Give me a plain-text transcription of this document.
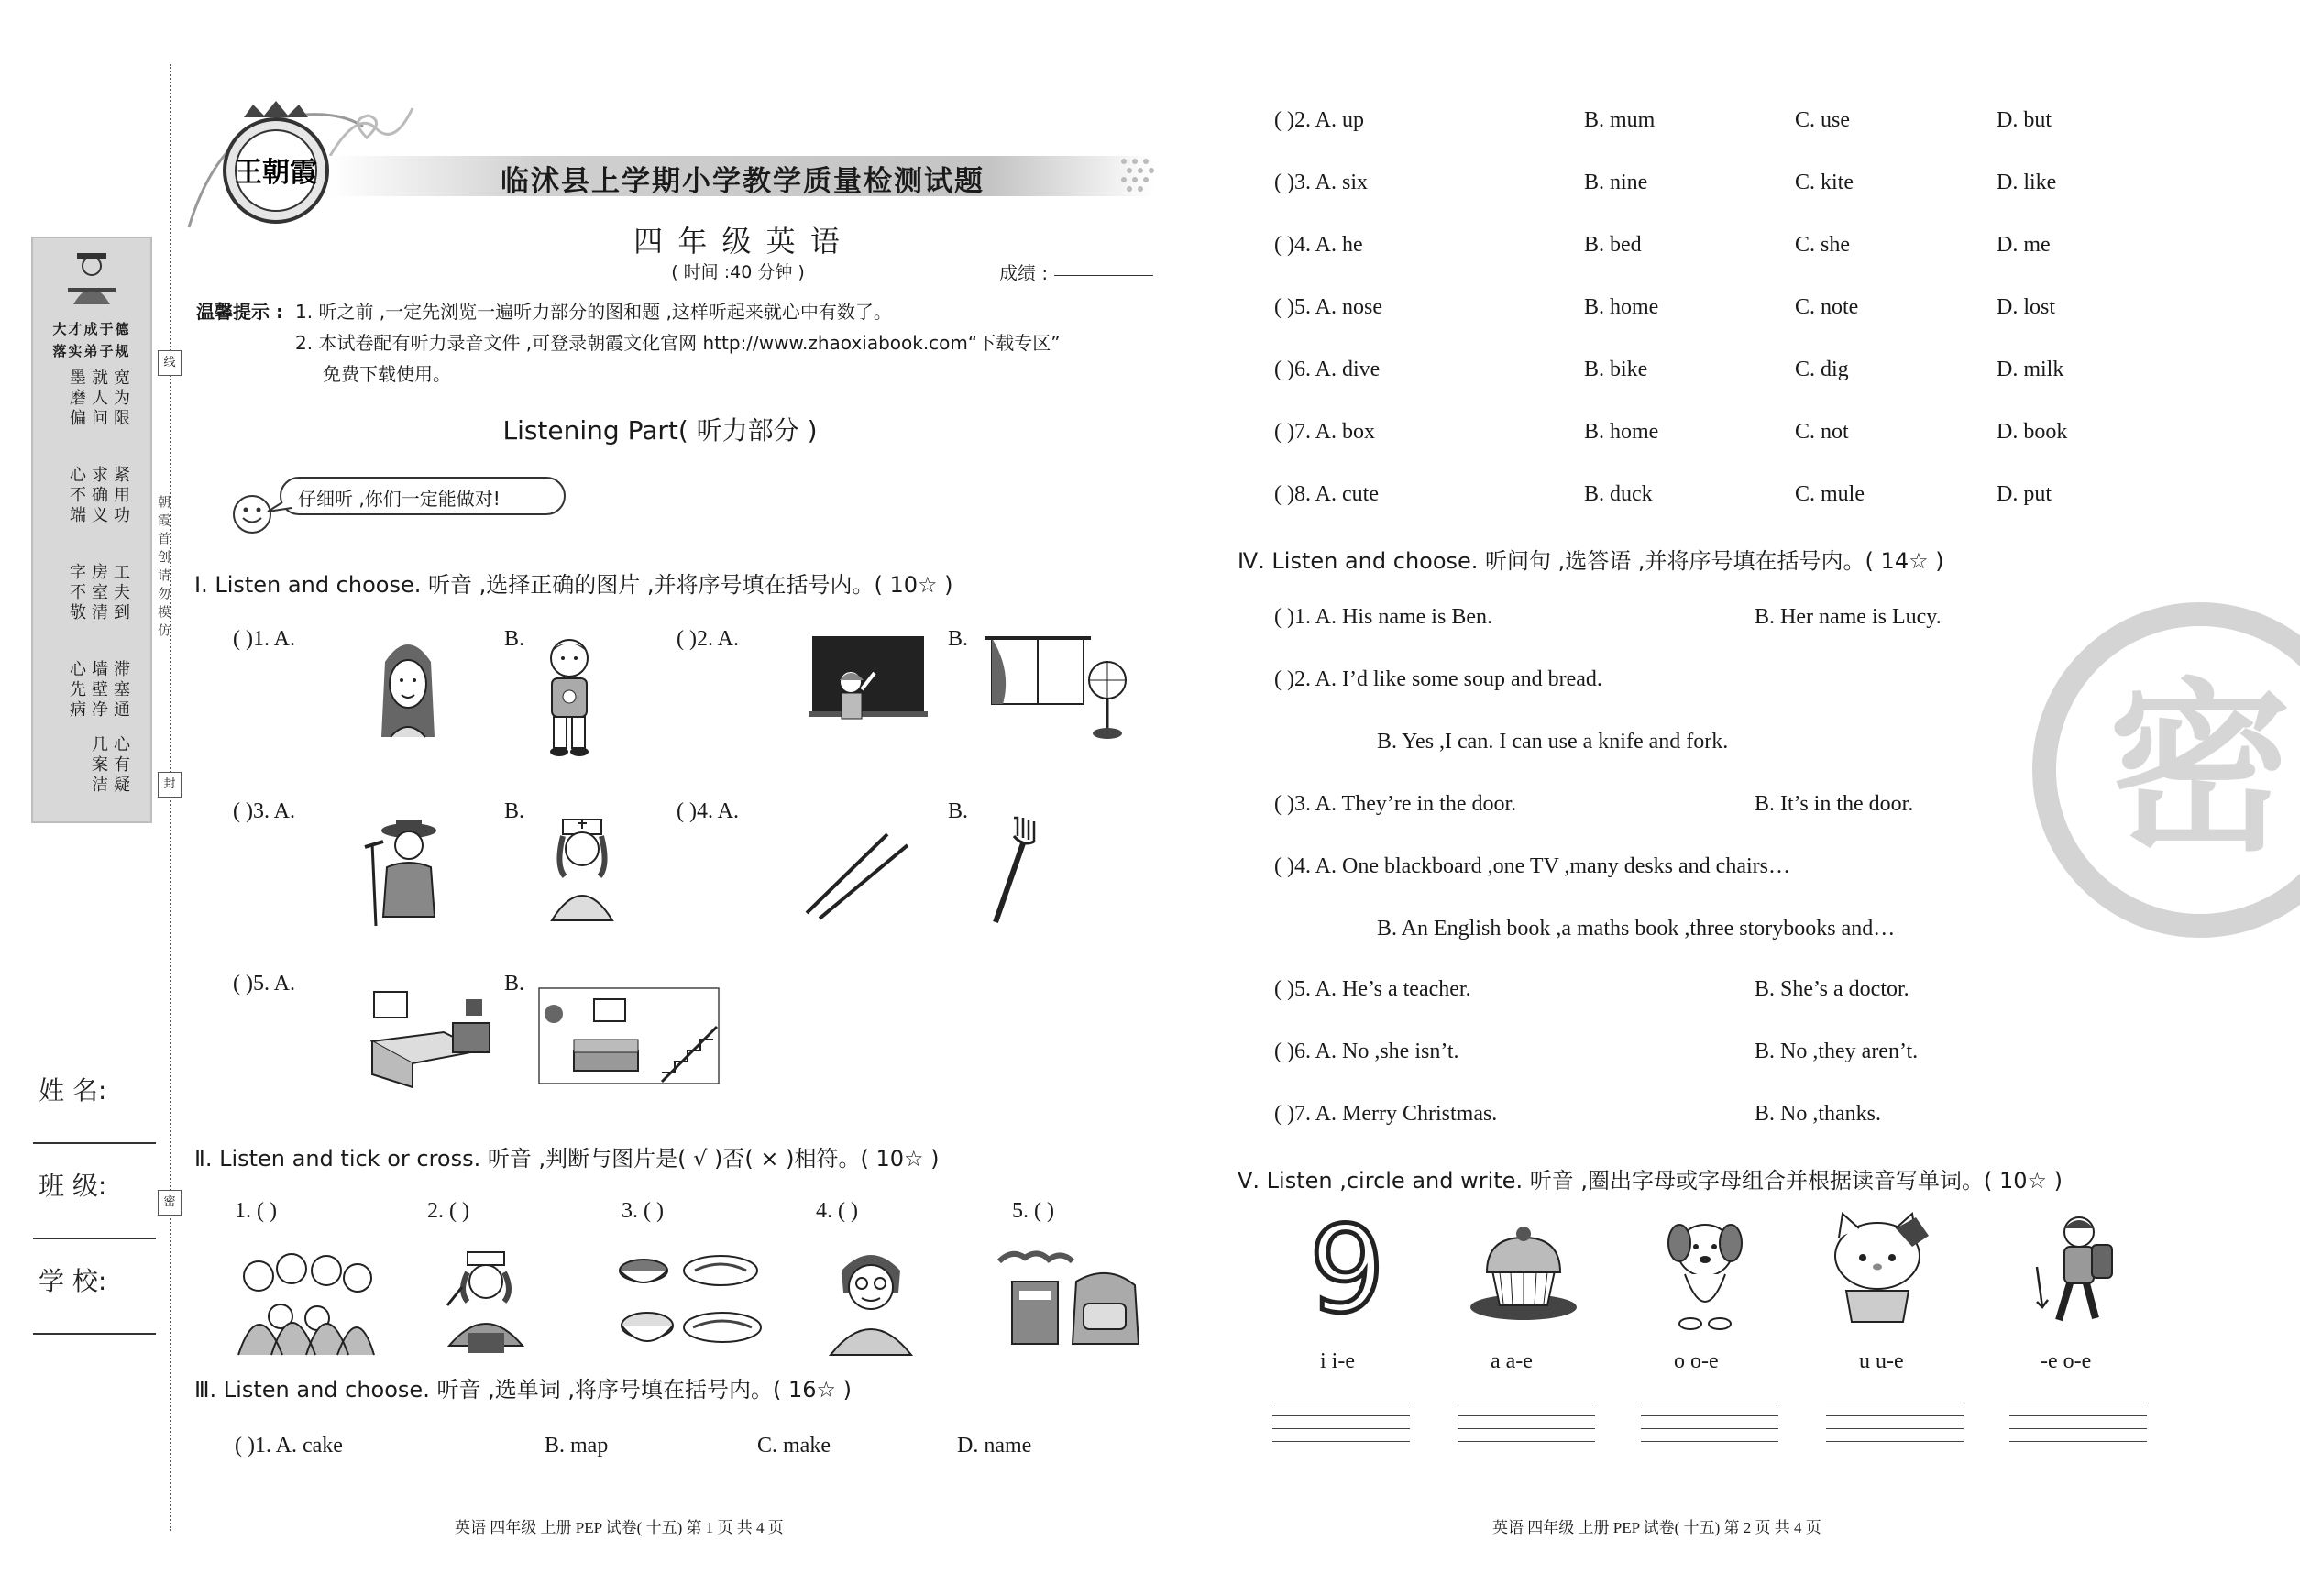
大才成于德
落实弟子规
宽为限
紧用功
工夫到
滞塞通
就人问
求确义
房室清
墙壁净
几案洁 心有疑
墨磨偏
心不端
字不敬
心先病
朝霞首创
请勿模仿
线
封
密
姓 名:
班 级:
学 校:
王朝霞	临沭县上学期小学教学质量检测试题
四 年 级 英 语
( 时间 :40 分钟 )	成绩 :
温馨提示 : 1. 听之前 ,一定先浏览一遍听力部分的图和题 ,这样听起来就心中有数了。
2. 本试卷配有听力录音文件 ,可登录朝霞文化官网 http://www.zhaoxiabook.com“下载专区”
免费下载使用。
Listening Part( 听力部分 )
仔细听 ,你们一定能做对!
Ⅰ. Listen and choose. 听音 ,选择正确的图片 ,并将序号填在括号内。( 10☆ )
( )1. A.	B.	( )2. A.	B.
( )3. A.	B.	( )4. A.	B.
( )5. A.	B.
Ⅱ. Listen and tick or cross. 听音 ,判断与图片是( √ )否( × )相符。( 10☆ )
1. ( )	2. ( )	3. ( )	4. ( )	5. ( )
Ⅲ. Listen and choose. 听音 ,选单词 ,将序号填在括号内。( 16☆ )
( )1. A. cake	B. map	C. make	D. name
英语 四年级 上册 PEP 试卷( 十五) 第 1 页 共 4 页
( )2. A. up	B. mum	C. use	D. but
( )3. A. six	B. nine	C. kite	D. like
( )4. A. he	B. bed	C. she	D. me
( )5. A. nose	B. home	C. note	D. lost
( )6. A. dive	B. bike	C. dig	D. milk
( )7. A. box	B. home	C. not	D. book
( )8. A. cute	B. duck	C. mule	D. put
Ⅳ. Listen and choose. 听问句 ,选答语 ,并将序号填在括号内。( 14☆ )
( )1. A. His name is Ben.	B. Her name is Lucy.
( )2. A. I’d like some soup and bread.
B. Yes ,I can. I can use a knife and fork.
( )3. A. They’re in the door.	B. It’s in the door.
( )4. A. One blackboard ,one TV ,many desks and chairs…
B. An English book ,a maths book ,three storybooks and…
( )5. A. He’s a teacher.	B. She’s a doctor.
( )6. A. No ,she isn’t.	B. No ,they aren’t.
( )7. A. Merry Christmas.	B. No ,thanks.
Ⅴ. Listen ,circle and write. 听音 ,圈出字母或字母组合并根据读音写单词。( 10☆ )
9
i i-e	a a-e	o o-e	u u-e	-e o-e
密
英语 四年级 上册 PEP 试卷( 十五) 第 2 页 共 4 页
